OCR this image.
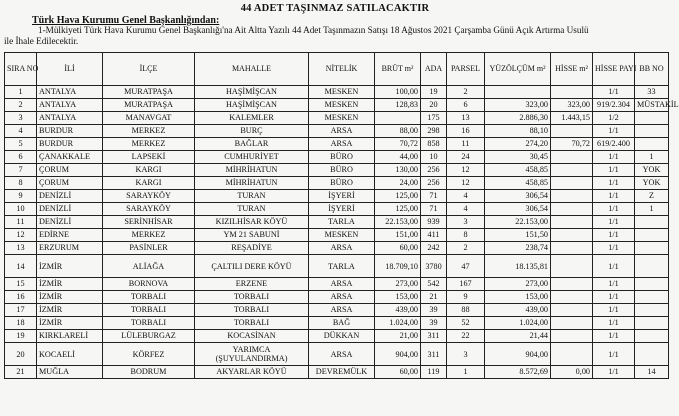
44 ADET TAŞINMAZ SATILACAKTIR
Türk Hava Kurumu Genel Başkanlığından:
1-Mülkiyeti Türk Hava Kurumu Genel Başkanlığı'na Ait Altta Yazılı 44 Adet Taşınmazın Satışı 18 Ağustos 2021 Çarşamba Günü Açık Artırma Usulü
ile İhale Edilecektir.
SIRA NO	İLİ	İLÇE	MAHALLE	NİTELİK	BRÜT m²	ADA	PARSEL	YÜZÖLÇÜM m²	HİSSE m²	HİSSE PAYI	BB NO
1	ANTALYA	MURATPAŞA	HAŞİMİŞCAN	MESKEN	100,00	19	2			1/1	33
2	ANTALYA	MURATPAŞA	HAŞİMİŞCAN	MESKEN	128,83	20	6	323,00	323,00	919/2.304	MÜSTAKİL
3	ANTALYA	MANAVGAT	KALEMLER	MESKEN		175	13	2.886,30	1.443,15	1/2	
4	BURDUR	MERKEZ	BURÇ	ARSA	88,00	298	16	88,10		1/1	
5	BURDUR	MERKEZ	BAĞLAR	ARSA	70,72	858	11	274,20	70,72	619/2.400	
6	ÇANAKKALE	LAPSEKİ	CUMHURİYET	BÜRO	44,00	10	24	30,45		1/1	1
7	ÇORUM	KARGI	MİHRİHATUN	BÜRO	130,00	256	12	458,85		1/1	YOK
8	ÇORUM	KARGI	MİHRİHATUN	BÜRO	24,00	256	12	458,85		1/1	YOK
9	DENİZLİ	SARAYKÖY	TURAN	İŞYERİ	125,00	71	4	306,54		1/1	Z
10	DENİZLİ	SARAYKÖY	TURAN	İŞYERİ	125,00	71	4	306,54		1/1	1
11	DENİZLİ	SERİNHİSAR	KIZILHİSAR KÖYÜ	TARLA	22.153,00	939	3	22.153,00		1/1	
12	EDİRNE	MERKEZ	YM 21 SABUNİ	MESKEN	151,00	411	8	151,50		1/1	
13	ERZURUM	PASİNLER	REŞADİYE	ARSA	60,00	242	2	238,74		1/1	
14	İZMİR	ALİAĞA	ÇALTILI DERE KÖYÜ	TARLA	18.709,10	3780	47	18.135,81		1/1	
15	İZMİR	BORNOVA	ERZENE	ARSA	273,00	542	167	273,00		1/1	
16	İZMİR	TORBALI	TORBALI	ARSA	153,00	21	9	153,00		1/1	
17	İZMİR	TORBALI	TORBALI	ARSA	439,00	39	88	439,00		1/1	
18	İZMİR	TORBALI	TORBALI	BAĞ	1.024,00	39	52	1.024,00		1/1	
19	KIRKLARELİ	LÜLEBURGAZ	KOCASİNAN	DÜKKAN	21,00	311	22	21,44		1/1	
20	KOCAELİ	KÖRFEZ	YARIMCA (ŞUYULANDIRMA)	ARSA	904,00	311	3	904,00		1/1	
21	MUĞLA	BODRUM	AKYARLAR KÖYÜ	DEVREMÜLK	60,00	119	1	8.572,69	0,00	1/1	14
